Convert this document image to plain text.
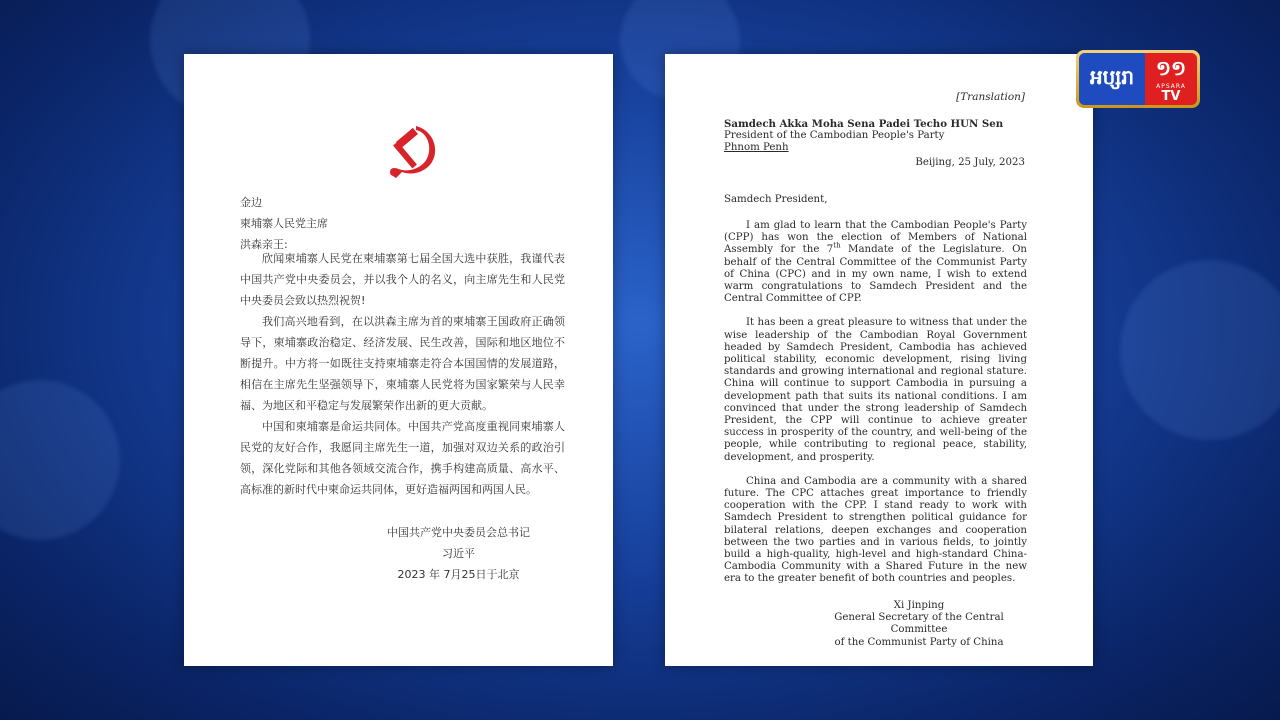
金边
柬埔寨人民党主席
洪森亲王:

欣闻柬埔寨人民党在柬埔寨第七届全国大选中获胜，我谨代表中国共产党中央委员会，并以我个人的名义，向主席先生和人民党中央委员会致以热烈祝贺!

我们高兴地看到，在以洪森主席为首的柬埔寨王国政府正确领导下，柬埔寨政治稳定、经济发展、民生改善，国际和地区地位不断提升。中方将一如既往支持柬埔寨走符合本国国情的发展道路，相信在主席先生坚强领导下，柬埔寨人民党将为国家繁荣与人民幸福、为地区和平稳定与发展繁荣作出新的更大贡献。

中国和柬埔寨是命运共同体。中国共产党高度重视同柬埔寨人民党的友好合作，我愿同主席先生一道，加强对双边关系的政治引领，深化党际和其他各领域交流合作，携手构建高质量、高水平、高标准的新时代中柬命运共同体，更好造福两国和两国人民。

中国共产党中央委员会总书记
习近平
2023 年 7月25日于北京
[Translation]
Samdech Akka Moha Sena Padei Techo HUN Sen
President of the Cambodian People's Party
Phnom Penh
Beijing, 25 July, 2023
Samdech President,

I am glad to learn that the Cambodian People's Party (CPP) has won the election of Members of National Assembly for the 7th Mandate of the Legislature. On behalf of the Central Committee of the Communist Party of China (CPC) and in my own name, I wish to extend warm congratulations to Samdech President and the Central Committee of CPP.

It has been a great pleasure to witness that under the wise leadership of the Cambodian Royal Government headed by Samdech President, Cambodia has achieved political stability, economic development, rising living standards and growing international and regional stature. China will continue to support Cambodia in pursuing a development path that suits its national conditions. I am convinced that under the strong leadership of Samdech President, the CPP will continue to achieve greater success in prosperity of the country, and well-being of the people, while contributing to regional peace, stability, development, and prosperity.

China and Cambodia are a community with a shared future. The CPC attaches great importance to friendly cooperation with the CPP. I stand ready to work with Samdech President to strengthen political guidance for bilateral relations, deepen exchanges and cooperation between the two parties and in various fields, to jointly build a high-quality, high-level and high-standard China-Cambodia Community with a Shared Future in the new era to the greater benefit of both countries and peoples.

Xi Jinping
General Secretary of the Central Committee
of the Communist Party of China
អប្សរា	១១
APSARA
TV
